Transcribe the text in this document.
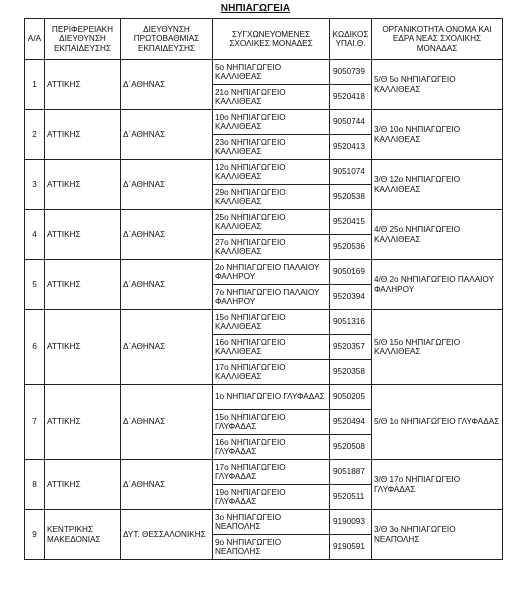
ΝΗΠΙΑΓΩΓΕΙΑ
Α/Α	ΠΕΡΙΦΕΡΕΙΑΚΗ ΔΙΕΥΘΥΝΣΗ ΕΚΠΑΙΔΕΥΣΗΣ	ΔΙΕΥΘΥΝΣΗ ΠΡΩΤΟΒΑΘΜΙΑΣ ΕΚΠΑΙΔΕΥΣΗΣ	ΣΥΓΧΩΝΕΥΟΜΕΝΕΣ ΣΧΟΛΙΚΕΣ ΜΟΝΑΔΕΣ	ΚΩΔΙΚΟΣ ΥΠΑΙ.Θ.	ΟΡΓΑΝΙΚΟΤΗΤΑ ΟΝΟΜΑ ΚΑΙ ΕΔΡΑ ΝΕΑΣ ΣΧΟΛΙΚΗΣ ΜΟΝΑΔΑΣ
1	ΑΤΤΙΚΗΣ	Δ΄ΑΘΗΝΑΣ	5ο ΝΗΠΙΑΓΩΓΕΙΟ ΚΑΛΛΙΘΕΑΣ	9050739	5/Θ 5ο ΝΗΠΙΑΓΩΓΕΙΟ ΚΑΛΛΙΘΕΑΣ
			21ο ΝΗΠΙΑΓΩΓΕΙΟ ΚΑΛΛΙΘΕΑΣ	9520418	
2	ΑΤΤΙΚΗΣ	Δ΄ΑΘΗΝΑΣ	10ο ΝΗΠΙΑΓΩΓΕΙΟ ΚΑΛΛΙΘΕΑΣ	9050744	3/Θ 10ο ΝΗΠΙΑΓΩΓΕΙΟ ΚΑΛΛΙΘΕΑΣ
			23ο ΝΗΠΙΑΓΩΓΕΙΟ ΚΑΛΛΙΘΕΑΣ	9520413	
3	ΑΤΤΙΚΗΣ	Δ΄ΑΘΗΝΑΣ	12ο ΝΗΠΙΑΓΩΓΕΙΟ ΚΑΛΛΙΘΕΑΣ	9051074	3/Θ 12ο ΝΗΠΙΑΓΩΓΕΙΟ ΚΑΛΛΙΘΕΑΣ
			29ο ΝΗΠΙΑΓΩΓΕΙΟ ΚΑΛΛΙΘΕΑΣ	9520538	
4	ΑΤΤΙΚΗΣ	Δ΄ΑΘΗΝΑΣ	25ο ΝΗΠΙΑΓΩΓΕΙΟ ΚΑΛΛΙΘΕΑΣ	9520415	4/Θ 25ο ΝΗΠΙΑΓΩΓΕΙΟ ΚΑΛΛΙΘΕΑΣ
			27ο ΝΗΠΙΑΓΩΓΕΙΟ ΚΑΛΛΙΘΕΑΣ	9520536	
5	ΑΤΤΙΚΗΣ	Δ΄ΑΘΗΝΑΣ	2ο ΝΗΠΙΑΓΩΓΕΙΟ ΠΑΛΑΙΟΥ ΦΑΛΗΡΟΥ	9050169	4/Θ 2ο ΝΗΠΙΑΓΩΓΕΙΟ ΠΑΛΑΙΟΥ ΦΑΛΗΡΟΥ
			7ο ΝΗΠΙΑΓΩΓΕΙΟ ΠΑΛΑΙΟΥ ΦΑΛΗΡΟΥ	9520394	
6	ΑΤΤΙΚΗΣ	Δ΄ΑΘΗΝΑΣ	15ο ΝΗΠΙΑΓΩΓΕΙΟ ΚΑΛΛΙΘΕΑΣ	9051316	5/Θ 15ο ΝΗΠΙΑΓΩΓΕΙΟ ΚΑΛΛΙΘΕΑΣ
			16ο ΝΗΠΙΑΓΩΓΕΙΟ ΚΑΛΛΙΘΕΑΣ	9520357	
			17ο ΝΗΠΙΑΓΩΓΕΙΟ ΚΑΛΛΙΘΕΑΣ	9520358	
7	ΑΤΤΙΚΗΣ	Δ΄ΑΘΗΝΑΣ	1ο ΝΗΠΙΑΓΩΓΕΙΟ ΓΛΥΦΑΔΑΣ	9050205	5/Θ 1ο ΝΗΠΙΑΓΩΓΕΙΟ ΓΛΥΦΑΔΑΣ
			15ο ΝΗΠΙΑΓΩΓΕΙΟ ΓΛΥΦΑΔΑΣ	9520494	
			16ο ΝΗΠΙΑΓΩΓΕΙΟ ΓΛΥΦΑΔΑΣ	9520508	
8	ΑΤΤΙΚΗΣ	Δ΄ΑΘΗΝΑΣ	17ο ΝΗΠΙΑΓΩΓΕΙΟ ΓΛΥΦΑΔΑΣ	9051887	3/Θ 17ο ΝΗΠΙΑΓΩΓΕΙΟ ΓΛΥΦΑΔΑΣ
			19ο ΝΗΠΙΑΓΩΓΕΙΟ ΓΛΥΦΑΔΑΣ	9520511	
9	ΚΕΝΤΡΙΚΗΣ ΜΑΚΕΔΟΝΙΑΣ	ΔΥΤ. ΘΕΣΣΑΛΟΝΙΚΗΣ	3ο ΝΗΠΙΑΓΩΓΕΙΟ ΝΕΑΠΟΛΗΣ	9190093	3/Θ 3ο ΝΗΠΙΑΓΩΓΕΙΟ ΝΕΑΠΟΛΗΣ
			9ο ΝΗΠΙΑΓΩΓΕΙΟ ΝΕΑΠΟΛΗΣ	9190591	
